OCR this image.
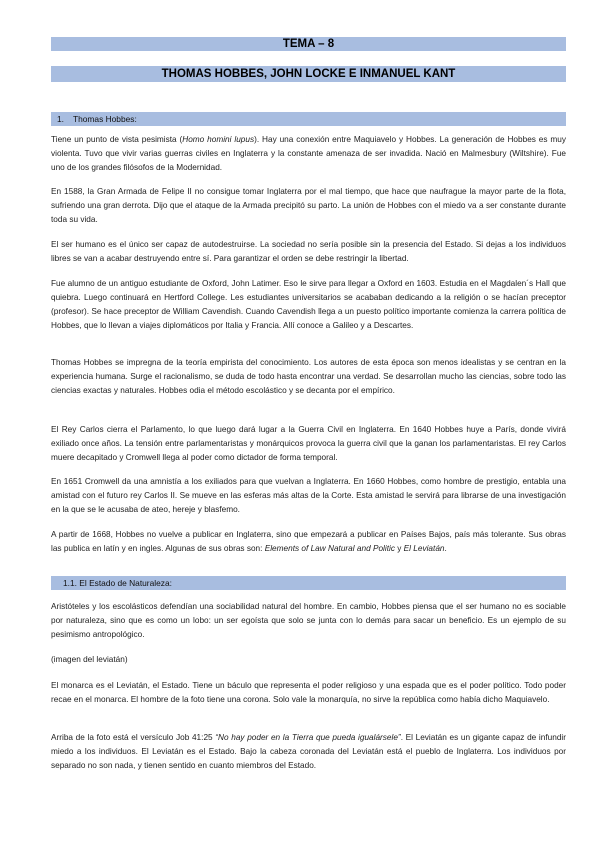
TEMA – 8
THOMAS HOBBES, JOHN LOCKE E INMANUEL KANT
1. Thomas Hobbes:
Tiene un punto de vista pesimista (Homo homini lupus). Hay una conexión entre Maquiavelo y Hobbes. La generación de Hobbes es muy violenta. Tuvo que vivir varias guerras civiles en Inglaterra y la constante amenaza de ser invadida. Nació en Malmesbury (Wiltshire). Fue uno de los grandes filósofos de la Modernidad.
En 1588, la Gran Armada de Felipe II no consigue tomar Inglaterra por el mal tiempo, que hace que naufrague la mayor parte de la flota, sufriendo una gran derrota. Dijo que el ataque de la Armada precipitó su parto. La unión de Hobbes con el miedo va a ser constante durante toda su vida.
El ser humano es el único ser capaz de autodestruirse. La sociedad no sería posible sin la presencia del Estado. Si dejas a los individuos libres se van a acabar destruyendo entre sí. Para garantizar el orden se debe restringir la libertad.
Fue alumno de un antiguo estudiante de Oxford, John Latimer. Eso le sirve para llegar a Oxford en 1603. Estudia en el Magdalen´s Hall que quiebra. Luego continuará en Hertford College. Les estudiantes universitarios se acababan dedicando a la religión o se hacían preceptor (profesor). Se hace preceptor de William Cavendish. Cuando Cavendish llega a un puesto político importante comienza la carrera política de Hobbes, que lo llevan a viajes diplomáticos por Italia y Francia. Allí conoce a Galileo y a Descartes.
Thomas Hobbes se impregna de la teoría empirista del conocimiento. Los autores de esta época son menos idealistas y se centran en la experiencia humana. Surge el racionalismo, se duda de todo hasta encontrar una verdad. Se desarrollan mucho las ciencias, sobre todo las ciencias exactas y naturales. Hobbes odia el método escolástico y se decanta por el empírico.
El Rey Carlos cierra el Parlamento, lo que luego dará lugar a la Guerra Civil en Inglaterra. En 1640 Hobbes huye a París, donde vivirá exiliado once años. La tensión entre parlamentaristas y monárquicos provoca la guerra civil que la ganan los parlamentaristas. El rey Carlos muere decapitado y Cromwell llega al poder como dictador de forma temporal.
En 1651 Cromwell da una amnistía a los exiliados para que vuelvan a Inglaterra. En 1660 Hobbes, como hombre de prestigio, entabla una amistad con el futuro rey Carlos II. Se mueve en las esferas más altas de la Corte. Esta amistad le servirá para librarse de una investigación en la que se le acusaba de ateo, hereje y blasfemo.
A partir de 1668, Hobbes no vuelve a publicar en Inglaterra, sino que empezará a publicar en Países Bajos, país más tolerante. Sus obras las publica en latín y en ingles. Algunas de sus obras son: Elements of Law Natural and Politic y El Leviatán.
1.1. El Estado de Naturaleza:
Aristóteles y los escolásticos defendían una sociabilidad natural del hombre. En cambio, Hobbes piensa que el ser humano no es sociable por naturaleza, sino que es como un lobo: un ser egoísta que solo se junta con lo demás para sacar un beneficio. Es un ejemplo de su pesimismo antropológico.
(imagen del leviatán)
El monarca es el Leviatán, el Estado. Tiene un báculo que representa el poder religioso y una espada que es el poder político. Todo poder recae en el monarca. El hombre de la foto tiene una corona. Solo vale la monarquía, no sirve la república como había dicho Maquiavelo.
Arriba de la foto está el versículo Job 41:25 “No hay poder en la Tierra que pueda igualársele”. El Leviatán es un gigante capaz de infundir miedo a los individuos. El Leviatán es el Estado. Bajo la cabeza coronada del Leviatán está el pueblo de Inglaterra. Los individuos por separado no son nada, y tienen sentido en cuanto miembros del Estado.
